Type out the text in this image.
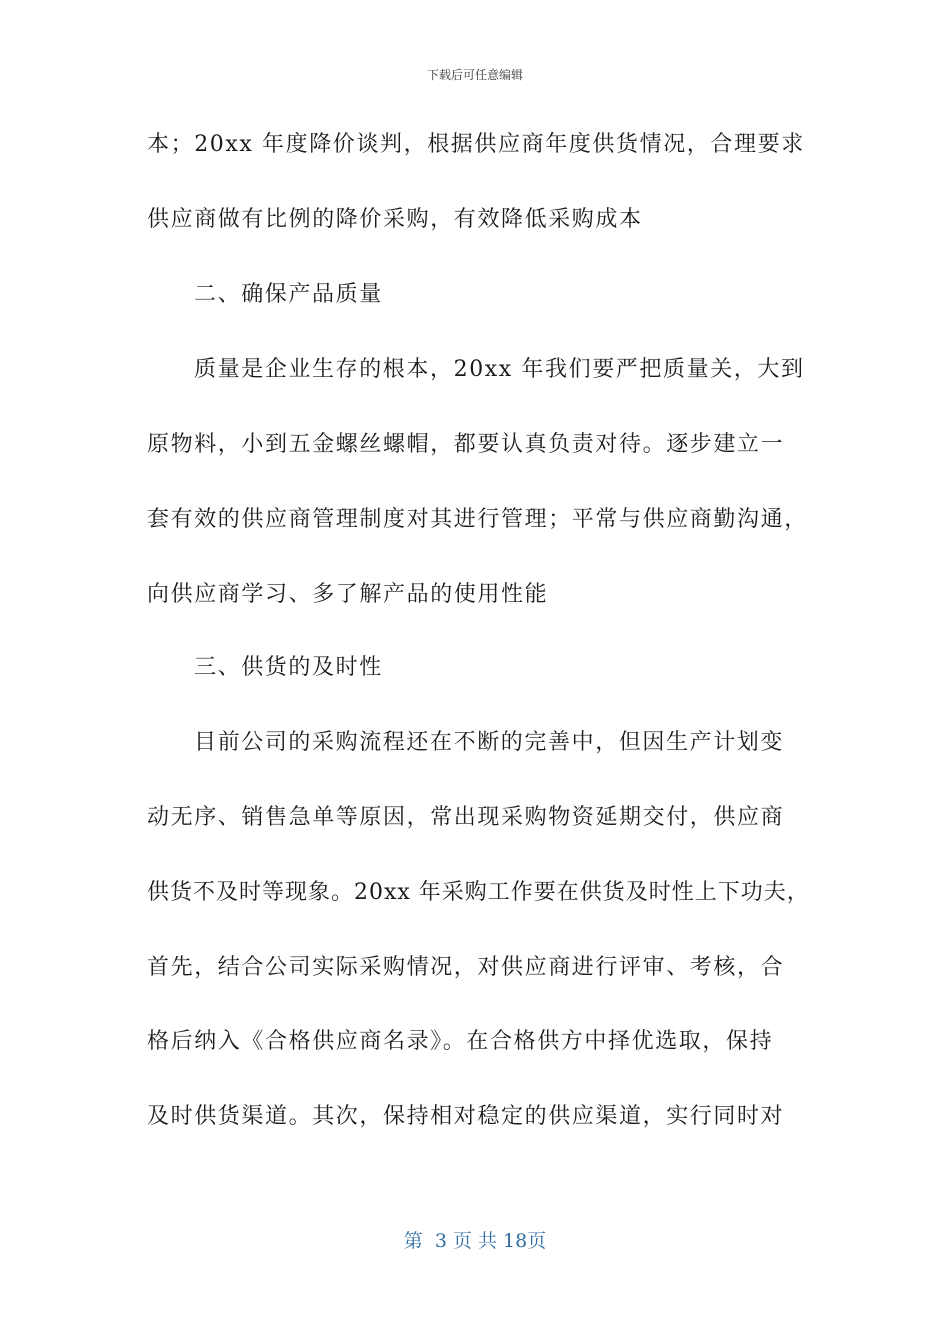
下载后可任意编辑
本；20xx 年度降价谈判，根据供应商年度供货情况，合理要求
供应商做有比例的降价采购，有效降低采购成本
二、确保产品质量
质量是企业生存的根本，20xx 年我们要严把质量关，大到
原物料，小到五金螺丝螺帽，都要认真负责对待。逐步建立一
套有效的供应商管理制度对其进行管理；平常与供应商勤沟通，
向供应商学习、多了解产品的使用性能
三、供货的及时性
目前公司的采购流程还在不断的完善中，但因生产计划变
动无序、销售急单等原因，常出现采购物资延期交付，供应商
供货不及时等现象。20xx 年采购工作要在供货及时性上下功夫，
首先，结合公司实际采购情况，对供应商进行评审、考核，合
格后纳入《合格供应商名录》。在合格供方中择优选取，保持
及时供货渠道。其次，保持相对稳定的供应渠道，实行同时对
第  3 页 共 18页
